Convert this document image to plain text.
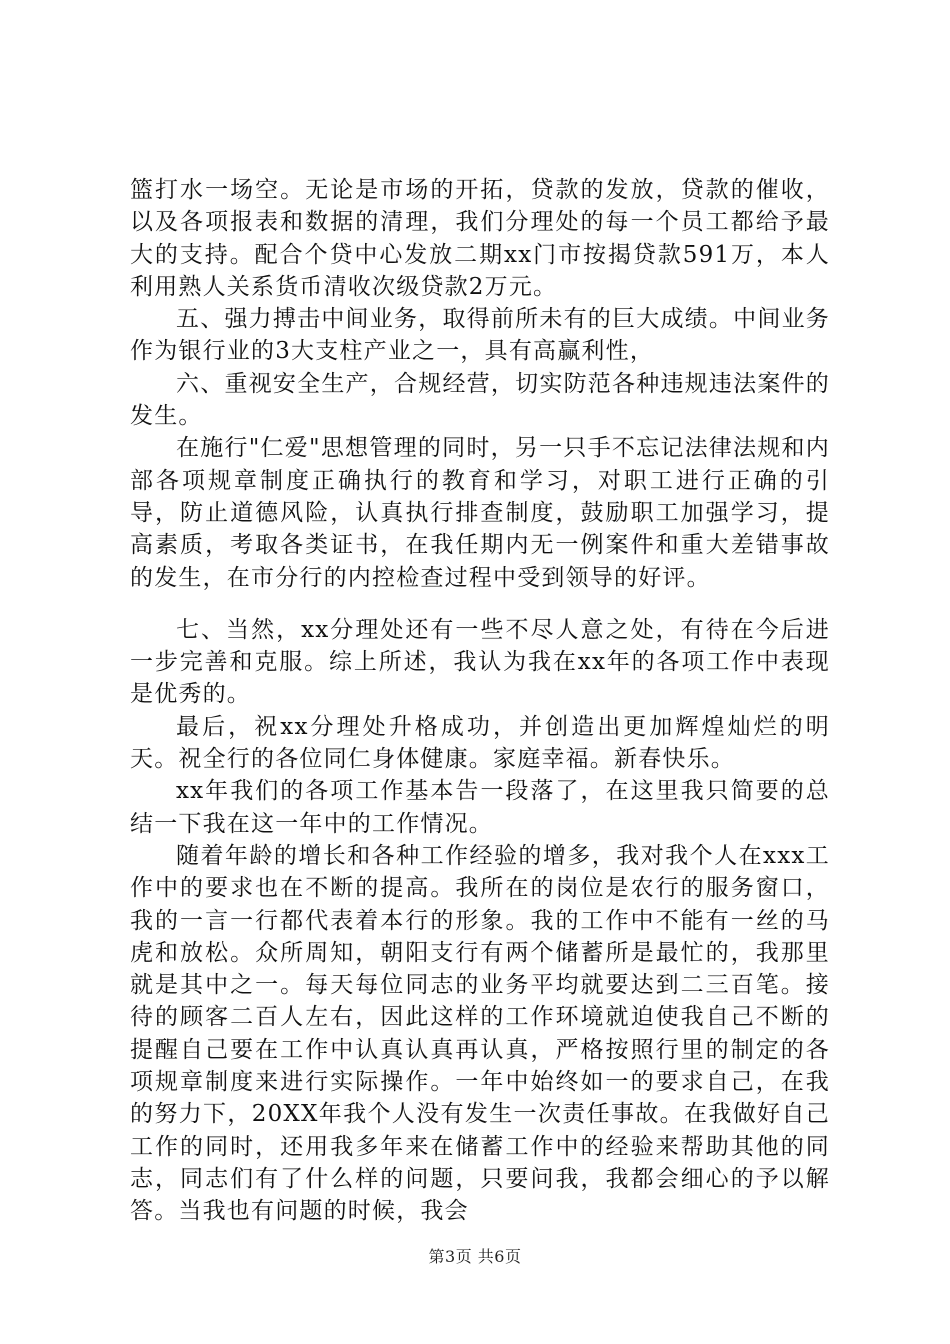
篮打水一场空。无论是市场的开拓，贷款的发放，贷款的催收，以及各项报表和数据的清理，我们分理处的每一个员工都给予最大的支持。配合个贷中心发放二期xx门市按揭贷款591万，本人利用熟人关系货币清收次级贷款2万元。

五、强力搏击中间业务，取得前所未有的巨大成绩。中间业务作为银行业的3大支柱产业之一，具有高赢利性，

六、重视安全生产，合规经营，切实防范各种违规违法案件的发生。

在施行"仁爱"思想管理的同时，另一只手不忘记法律法规和内部各项规章制度正确执行的教育和学习，对职工进行正确的引导，防止道德风险，认真执行排查制度，鼓励职工加强学习，提高素质，考取各类证书，在我任期内无一例案件和重大差错事故的发生，在市分行的内控检查过程中受到领导的好评。

七、当然，xx分理处还有一些不尽人意之处，有待在今后进一步完善和克服。综上所述，我认为我在xx年的各项工作中表现是优秀的。

最后，祝xx分理处升格成功，并创造出更加辉煌灿烂的明天。祝全行的各位同仁身体健康。家庭幸福。新春快乐。

xx年我们的各项工作基本告一段落了，在这里我只简要的总结一下我在这一年中的工作情况。

随着年龄的增长和各种工作经验的增多，我对我个人在xxx工作中的要求也在不断的提高。我所在的岗位是农行的服务窗口，我的一言一行都代表着本行的形象。我的工作中不能有一丝的马虎和放松。众所周知，朝阳支行有两个储蓄所是最忙的，我那里就是其中之一。每天每位同志的业务平均就要达到二三百笔。接待的顾客二百人左右，因此这样的工作环境就迫使我自己不断的提醒自己要在工作中认真认真再认真，严格按照行里的制定的各项规章制度来进行实际操作。一年中始终如一的要求自己，在我的努力下，20XX年我个人没有发生一次责任事故。在我做好自己工作的同时，还用我多年来在储蓄工作中的经验来帮助其他的同志，同志们有了什么样的问题，只要问我，我都会细心的予以解答。当我也有问题的时候，我会

第3页 共6页
